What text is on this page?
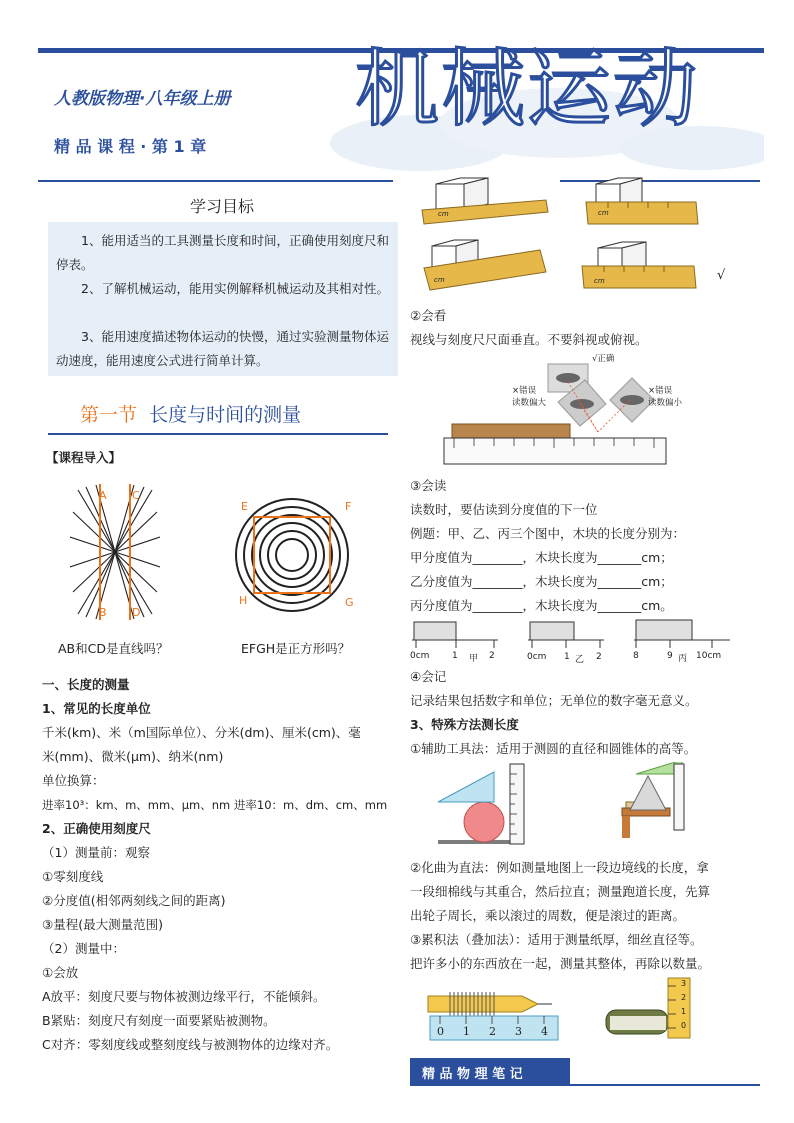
人教版物理·八年级上册
精 品 课 程 · 第 1 章
机械运动
学习目标
1、能用适当的工具测量长度和时间，正确使用刻度尺和停表。
2、了解机械运动，能用实例解释机械运动及其相对性。
3、能用速度描述物体运动的快慢，通过实验测量物体运动速度，能用速度公式进行简单计算。
第一节 长度与时间的测量
【课程导入】
A C
B D
E	F
H	G
AB和CD是直线吗？	EFGH是正方形吗？
一、长度的测量
1、常见的长度单位
千米(km)、米（m国际单位）、分米(dm)、厘米(cm)、毫
米(mm)、微米(μm)、纳米(nm)
单位换算：
进率10³：km、m、mm、μm、nm 进率10：m、dm、cm、mm
2、正确使用刻度尺
（1）测量前：观察
①零刻度线
②分度值(相邻两刻线之间的距离)
③量程(最大测量范围)
（2）测量中：
①会放
A放平：刻度尺要与物体被测边缘平行，不能倾斜。
B紧贴：刻度尺有刻度一面要紧贴被测物。
C对齐：零刻度线或整刻度线与被测物体的边缘对齐。
cm	cm
cm	cm	√
②会看
视线与刻度尺尺面垂直。不要斜视或俯视。
√正确
×错误
读数偏大
×错误
读数偏小
③会读
读数时，要估读到分度值的下一位
例题：甲、乙、丙三个图中，木块的长度分别为：
甲分度值为________，木块长度为_______cm；
乙分度值为________，木块长度为_______cm；
丙分度值为________，木块长度为_______cm。
0cm	1 甲 2	0cm 1 乙 2	8	9 丙 10cm
④会记
记录结果包括数字和单位；无单位的数字毫无意义。
3、特殊方法测长度
①辅助工具法：适用于测圆的直径和圆锥体的高等。
②化曲为直法：例如测量地图上一段边境线的长度，拿
一段细棉线与其重合，然后拉直；测量跑道长度，先算
出轮子周长，乘以滚过的周数，便是滚过的距离。
③累积法（叠加法）：适用于测量纸厚，细丝直径等。
把许多小的东西放在一起，测量其整体，再除以数量。
0 1 2 3 4
3
2
1
0
精 品 物 理 笔 记
